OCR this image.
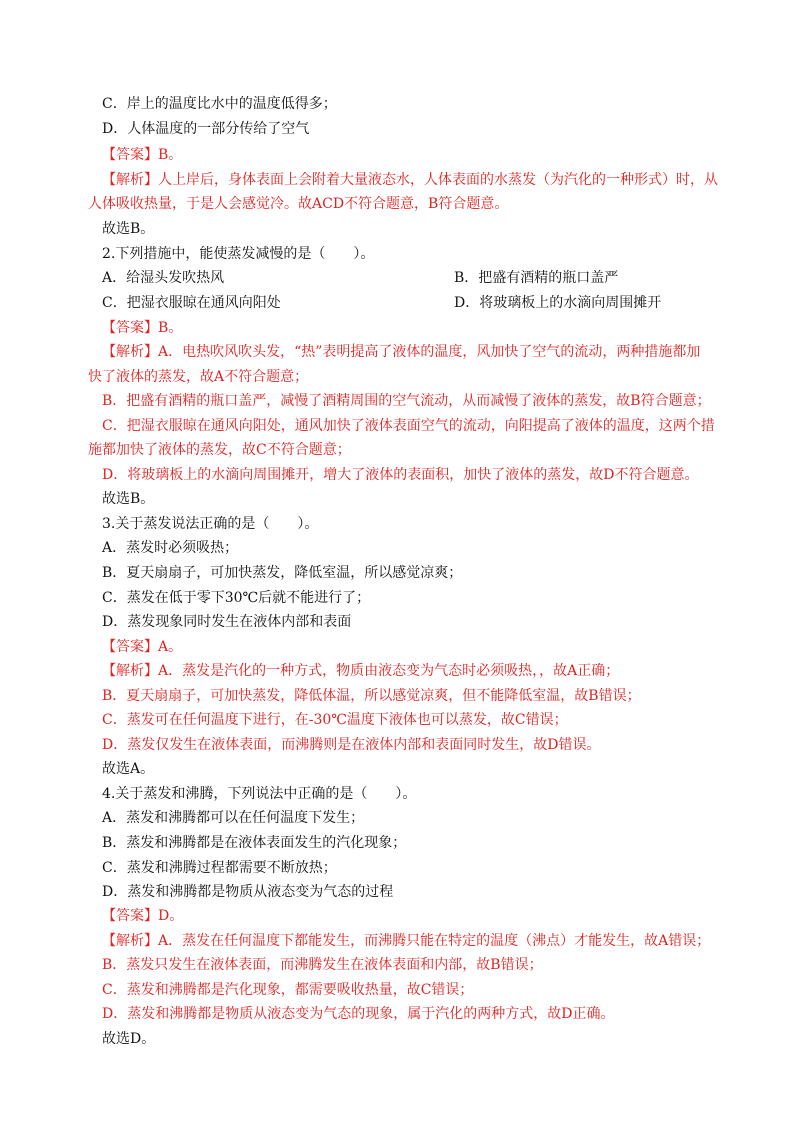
C．岸上的温度比水中的温度低得多；
D．人体温度的一部分传给了空气
【答案】B。
【解析】人上岸后，身体表面上会附着大量液态水，人体表面的水蒸发（为汽化的一种形式）时，从
人体吸收热量，于是人会感觉冷。故ACD不符合题意，B符合题意。
故选B。
2.下列措施中，能使蒸发减慢的是（　　）。
A．给湿头发吹热风	B．把盛有酒精的瓶口盖严
C．把湿衣服晾在通风向阳处	D．将玻璃板上的水滴向周围摊开
【答案】B。
【解析】A．电热吹风吹头发，“热”表明提高了液体的温度，风加快了空气的流动，两种措施都加
快了液体的蒸发，故A不符合题意；
B．把盛有酒精的瓶口盖严，减慢了酒精周围的空气流动，从而减慢了液体的蒸发，故B符合题意；
C．把湿衣服晾在通风向阳处，通风加快了液体表面空气的流动，向阳提高了液体的温度，这两个措
施都加快了液体的蒸发，故C不符合题意；
D．将玻璃板上的水滴向周围摊开，增大了液体的表面积，加快了液体的蒸发，故D不符合题意。
故选B。
3.关于蒸发说法正确的是（　　）。
A．蒸发时必须吸热；
B．夏天扇扇子，可加快蒸发，降低室温，所以感觉凉爽；
C．蒸发在低于零下30℃后就不能进行了；
D．蒸发现象同时发生在液体内部和表面
【答案】A。
【解析】A．蒸发是汽化的一种方式，物质由液态变为气态时必须吸热，，故A正确；
B．夏天扇扇子，可加快蒸发，降低体温，所以感觉凉爽，但不能降低室温，故B错误；
C．蒸发可在任何温度下进行，在-30℃温度下液体也可以蒸发，故C错误；
D．蒸发仅发生在液体表面，而沸腾则是在液体内部和表面同时发生，故D错误。
故选A。
4.关于蒸发和沸腾，下列说法中正确的是（　　）。
A．蒸发和沸腾都可以在任何温度下发生；
B．蒸发和沸腾都是在液体表面发生的汽化现象；
C．蒸发和沸腾过程都需要不断放热；
D．蒸发和沸腾都是物质从液态变为气态的过程
【答案】D。
【解析】A．蒸发在任何温度下都能发生，而沸腾只能在特定的温度（沸点）才能发生，故A错误；
B．蒸发只发生在液体表面，而沸腾发生在液体表面和内部，故B错误；
C．蒸发和沸腾都是汽化现象，都需要吸收热量，故C错误；
D．蒸发和沸腾都是物质从液态变为气态的现象，属于汽化的两种方式，故D正确。
故选D。
